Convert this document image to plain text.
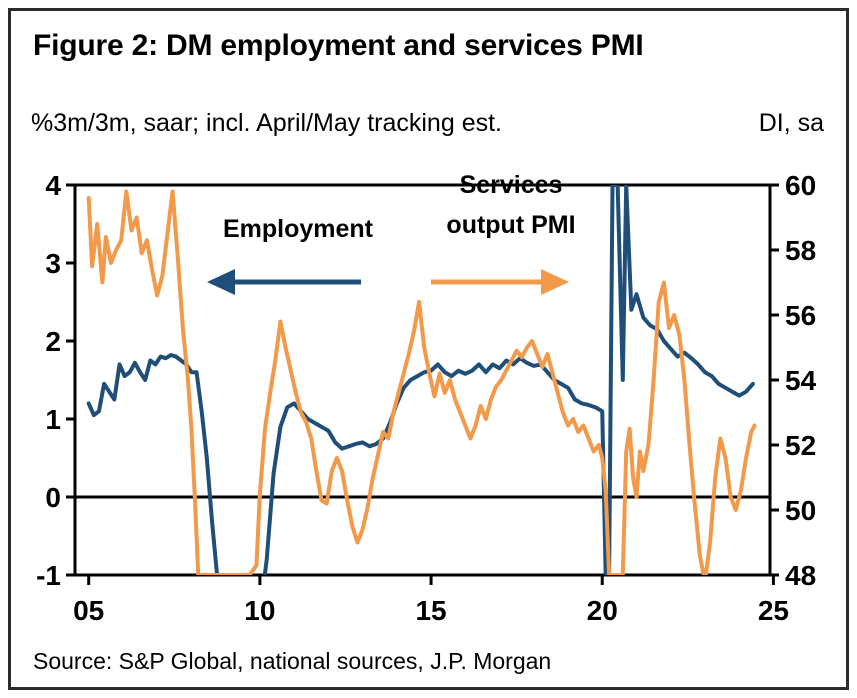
Figure 2: DM employment and services PMI
%3m/3m, saar; incl. April/May tracking est.	DI, sa
-1
0
1
2
3
4
48
50
52
54
56
58
60
05	10	15	20	25
Employment
Services
output PMI
Source: S&P Global, national sources, J.P. Morgan
